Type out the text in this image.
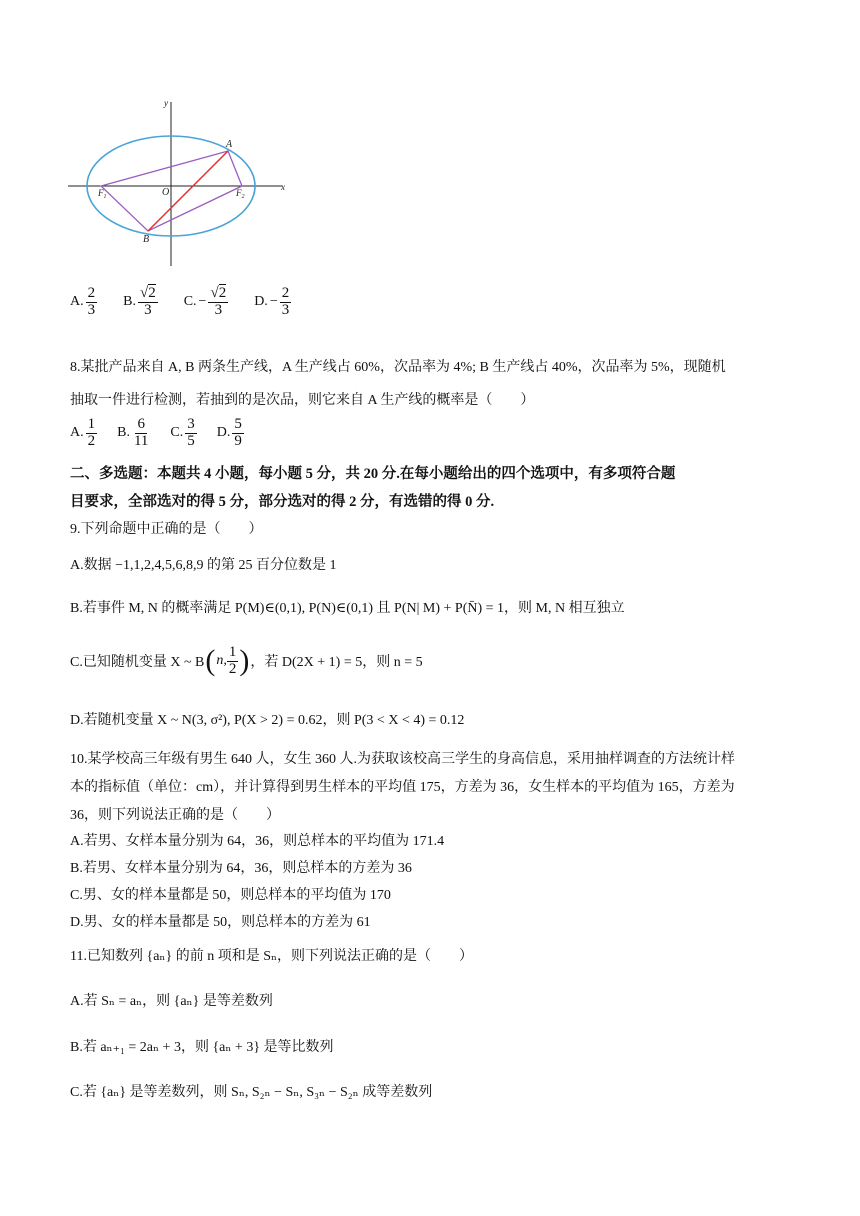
y
x
O
A
B
$F_1$	$F_2$
A. $\frac{2}{3} B$. √ $\frac{2}{3} C$. − √ $\frac{2}{3} D$. − $\frac{2}{3}$
8.某批产品来自 A, B 两条生产线，A 生产线占 60%，次品率为 4%; B 生产线占 40%，次品率为 5%，现随机
抽取一件进行检测，若抽到的是次品，则它来自 A 生产线的概率是（　　）
A. $\frac{1}{2} B$. $\frac{6}{11} C$. $\frac{3}{5} D$. $\frac{5}{9}$
二、多选题：本题共 4 小题，每小题 5 分，共 20 分.在每小题给出的四个选项中，有多项符合题
目要求，全部选对的得 5 分，部分选对的得 2 分，有选错的得 0 分.
9.下列命题中正确的是（　　）
A.数据 −1,1,2,4,5,6,8,9 的第 25 百分位数是 1
B.若事件 M, N 的概率满足 P(M)∈(0,1), P(N)∈(0,1) 且 P(N| M) + P(N̄) = 1，则 M, N 相互独立
C.已知随机变量 X ~ B ( n, $\frac{1}{2}$ ) ，若 D(2X + 1) = 5，则 n = 5
D.若随机变量 X ~ N(3, σ²), P(X > 2) = 0.62，则 P(3 < X < 4) = 0.12
10.某学校高三年级有男生 640 人，女生 360 人.为获取该校高三学生的身高信息，采用抽样调查的方法统计样
本的指标值（单位：cm），并计算得到男生样本的平均值 175，方差为 36，女生样本的平均值为 165，方差为
36，则下列说法正确的是（　　）
A.若男、女样本量分别为 64，36，则总样本的平均值为 171.4
B.若男、女样本量分别为 64，36，则总样本的方差为 36
C.男、女的样本量都是 50，则总样本的平均值为 170
D.男、女的样本量都是 50，则总样本的方差为 61
11.已知数列 {aₙ} 的前 n 项和是 Sₙ，则下列说法正确的是（　　）
A.若 Sₙ = aₙ，则 {aₙ} 是等差数列
B.若 aₙ₊₁ = 2aₙ + 3，则 {aₙ + 3} 是等比数列
C.若 {aₙ} 是等差数列，则 Sₙ, S₂ₙ − Sₙ, S₃ₙ − S₂ₙ 成等差数列
